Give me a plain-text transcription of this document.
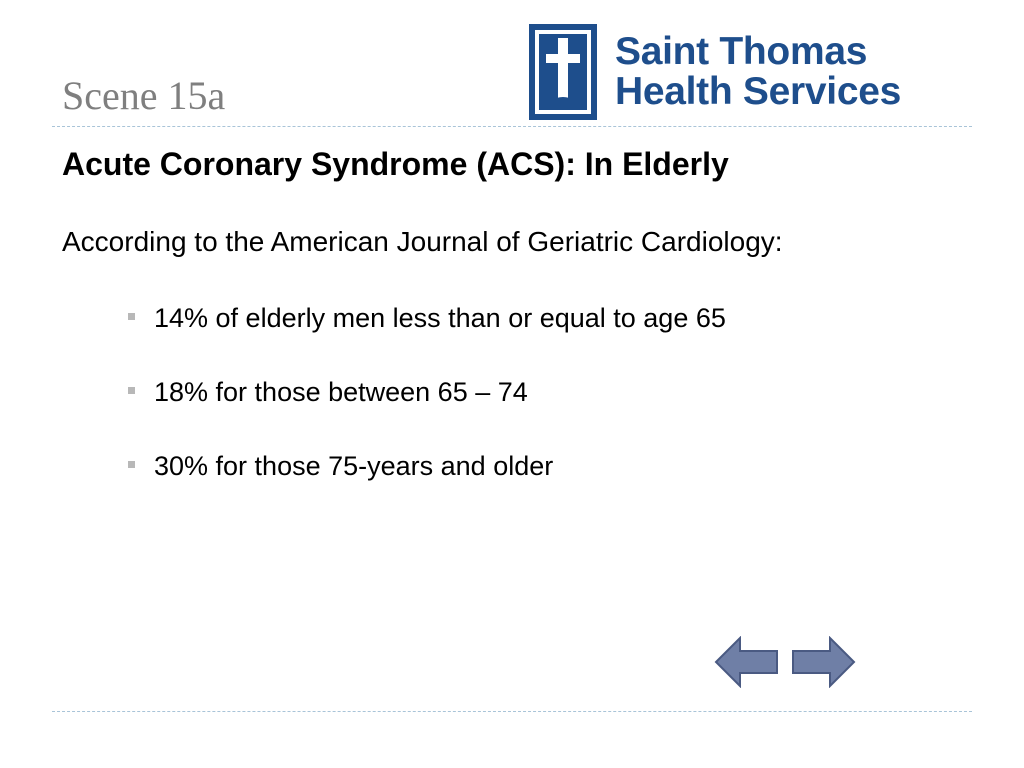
Scene 15a
Saint Thomas
Health Services
Acute Coronary Syndrome (ACS): In Elderly
According to the American Journal of Geriatric Cardiology:
14% of elderly men less than or equal to age 65
18% for those between 65 – 74
30% for those 75-years and older
